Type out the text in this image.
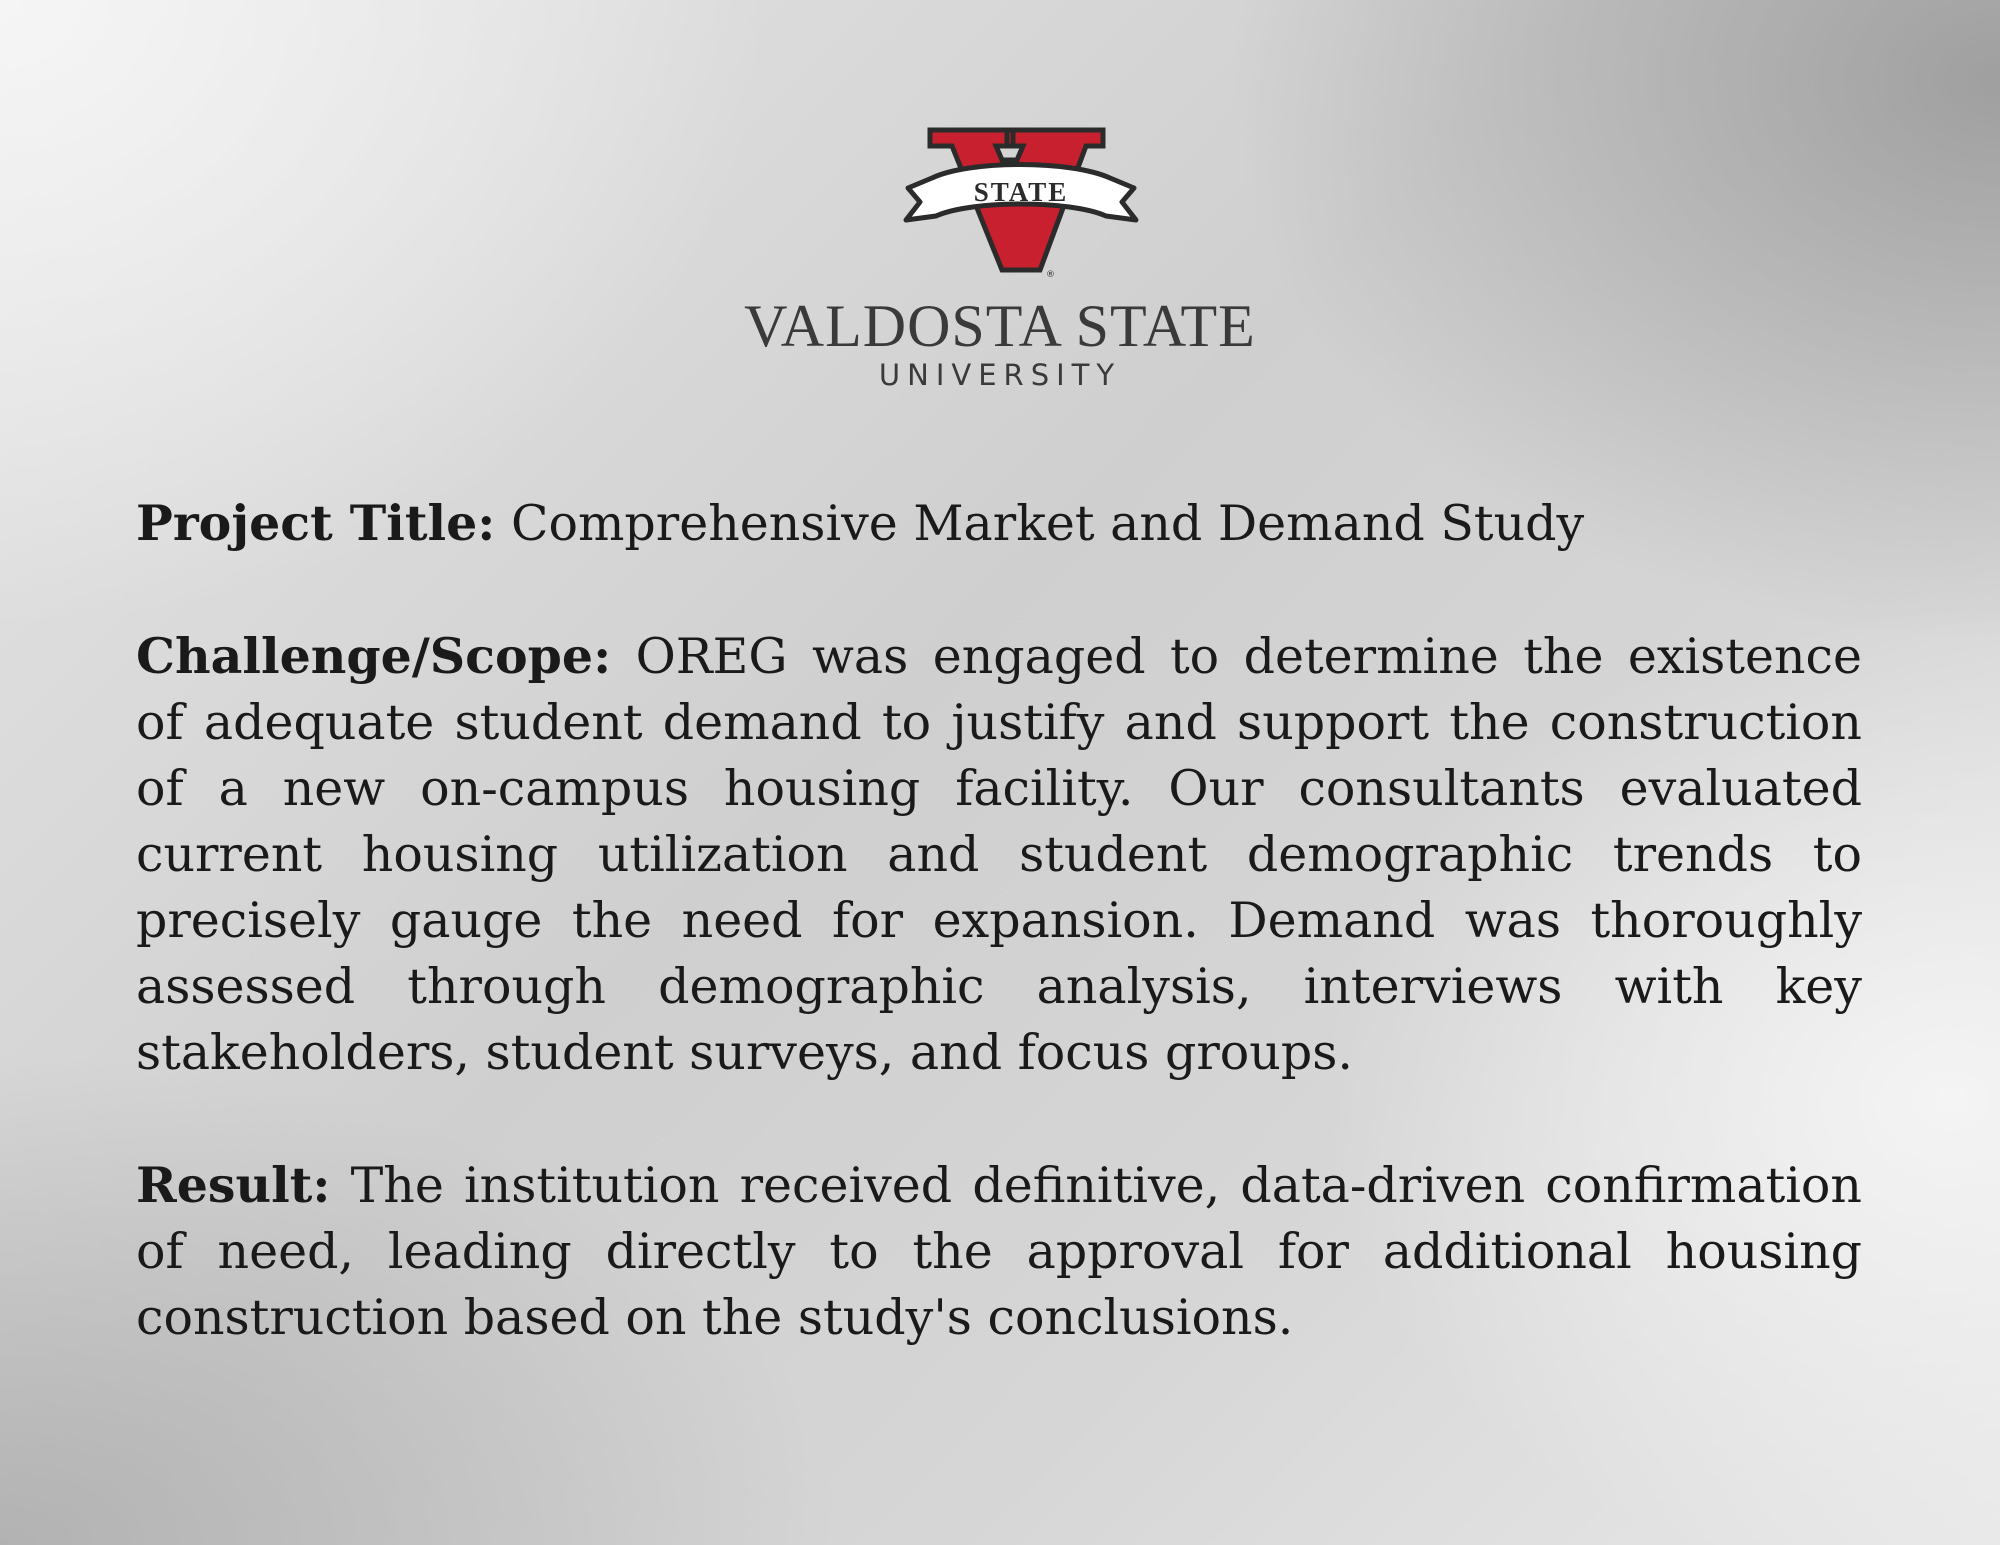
STATE
®
VALDOSTA STATE
UNIVERSITY

Project Title: Comprehensive Market and Demand Study

Challenge/Scope: OREG was engaged to determine the existence of adequate student demand to justify and support the construction of a new on-campus housing facility. Our consultants evaluated current housing utilization and student demographic trends to precisely gauge the need for expansion. Demand was thoroughly assessed through demographic analysis, interviews with key stakeholders, student surveys, and focus groups.

Result: The institution received definitive, data-driven confirmation of need, leading directly to the approval for additional housing construction based on the study's conclusions.
